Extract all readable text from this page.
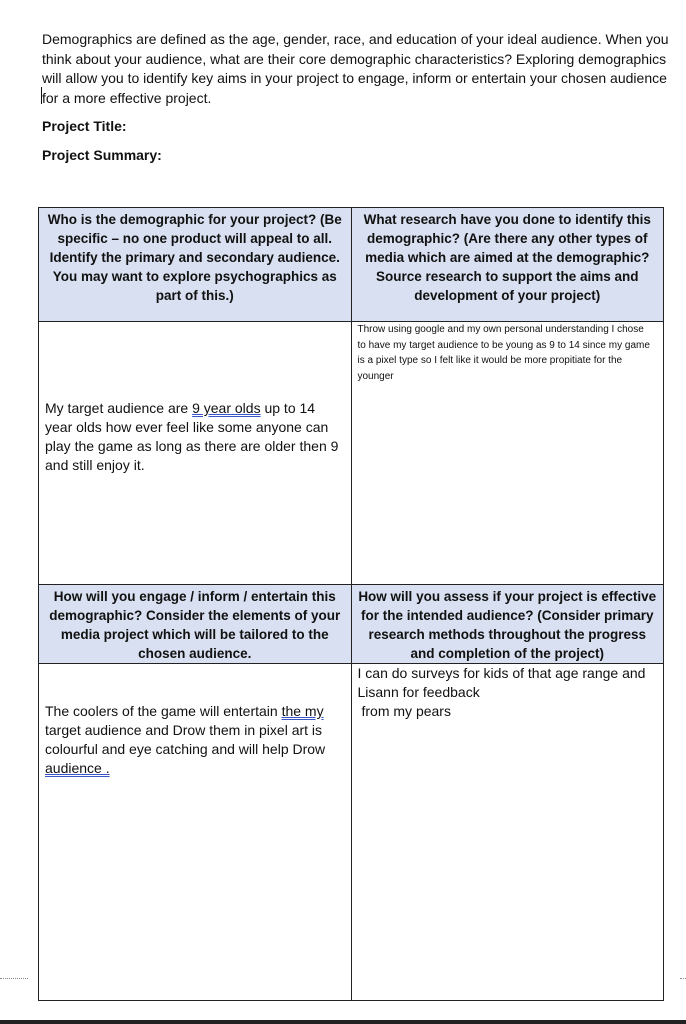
Demographics are defined as the age, gender, race, and education of your ideal audience. When you think about your audience, what are their core demographic characteristics? Exploring demographics will allow you to identify key aims in your project to engage, inform or entertain your chosen audience for a more effective project.
Project Title:
Project Summary:
Who is the demographic for your project? (Be specific – no one product will appeal to all. Identify the primary and secondary audience. You may want to explore psychographics as part of this.)	What research have you done to identify this demographic? (Are there any other types of media which are aimed at the demographic? Source research to support the aims and development of your project)

My target audience are 9 year olds up to 14 year olds how ever feel like some anyone can play the game as long as there are older then 9 and still enjoy it.	Throw using google and my own personal understanding I chose to have my target audience to be young as 9 to 14 since my game is a pixel type so I felt like it would be more propitiate for the younger

How will you engage / inform / entertain this demographic? Consider the elements of your media project which will be tailored to the chosen audience.	How will you assess if your project is effective for the intended audience? (Consider primary research methods throughout the progress and completion of the project)

The coolers of the game will entertain the my target audience and Drow them in pixel art is colourful and eye catching and will help Drow audience .	I can do surveys for kids of that age range and
Lisann for feedback
from my pears
